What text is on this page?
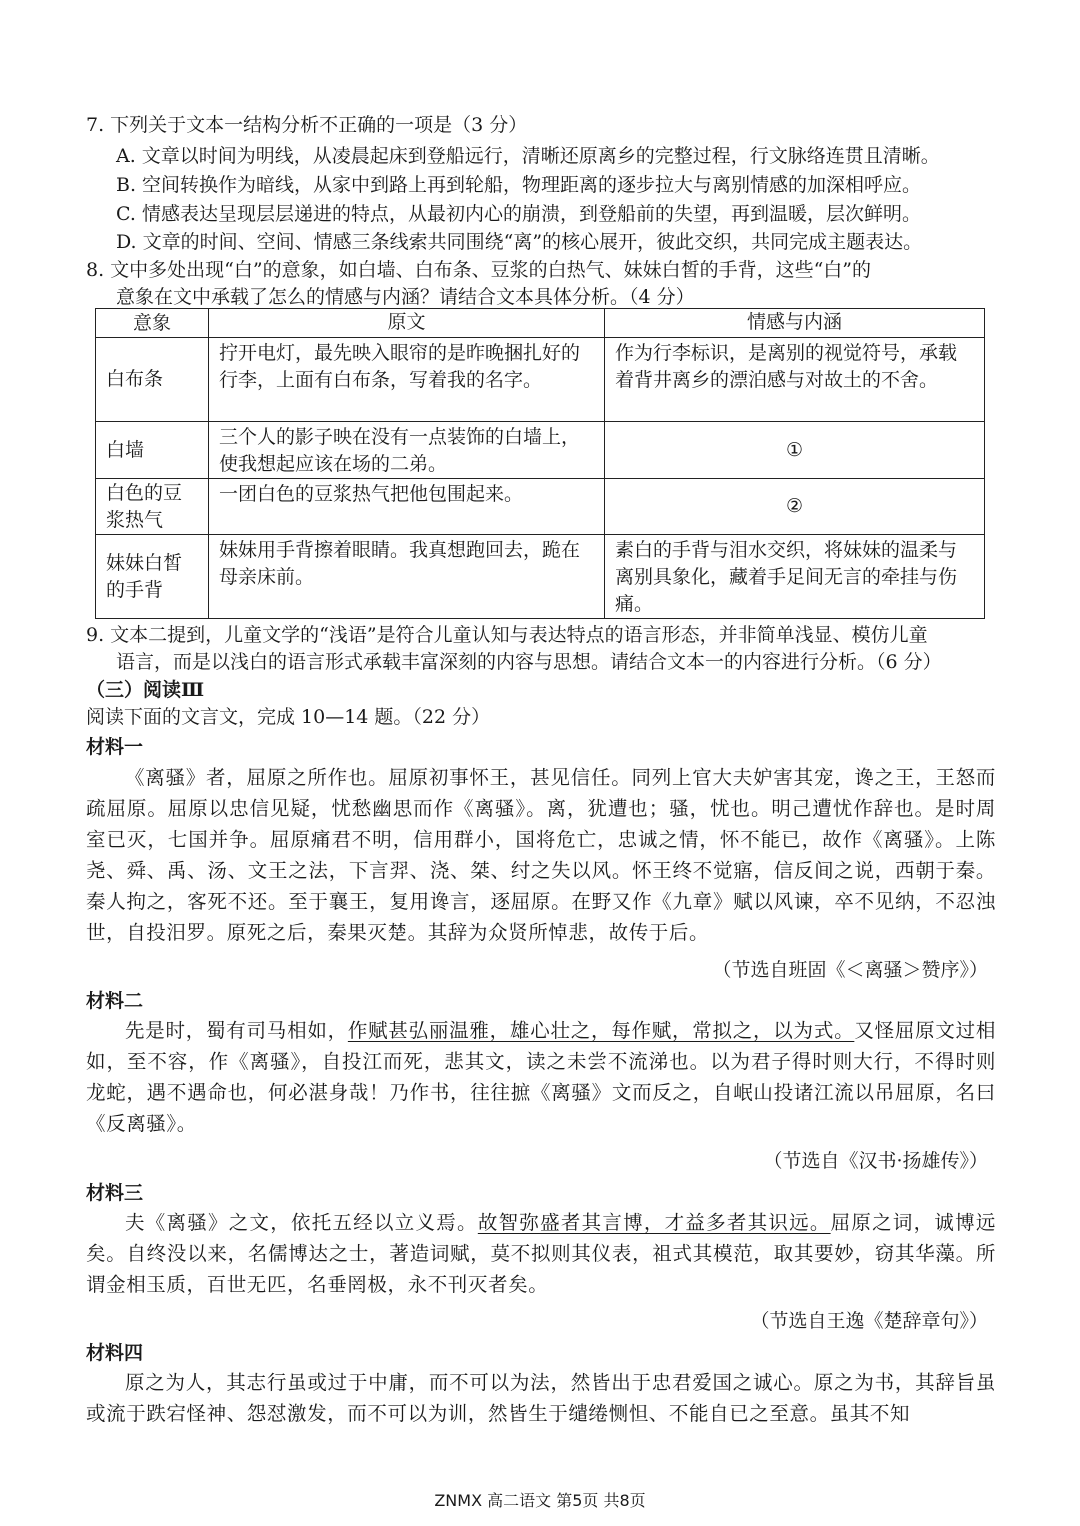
7. 下列关于文本一结构分析不正确的一项是（3 分）
A. 文章以时间为明线，从凌晨起床到登船远行，清晰还原离乡的完整过程，行文脉络连贯且清晰。
B. 空间转换作为暗线，从家中到路上再到轮船，物理距离的逐步拉大与离别情感的加深相呼应。
C. 情感表达呈现层层递进的特点，从最初内心的崩溃，到登船前的失望，再到温暖，层次鲜明。
D. 文章的时间、空间、情感三条线索共同围绕“离”的核心展开，彼此交织，共同完成主题表达。
8. 文中多处出现“白”的意象，如白墙、白布条、豆浆的白热气、妹妹白皙的手背，这些“白”的
意象在文中承载了怎么的情感与内涵？请结合文本具体分析。（4 分）
意象	原文	情感与内涵
白布条	拧开电灯，最先映入眼帘的是昨晚捆扎好的行李，上面有白布条，写着我的名字。	作为行李标识，是离别的视觉符号，承载着背井离乡的漂泊感与对故土的不舍。
白墙	三个人的影子映在没有一点装饰的白墙上，使我想起应该在场的二弟。	①
白色的豆浆热气	一团白色的豆浆热气把他包围起来。	②
妹妹白皙的手背	妹妹用手背擦着眼睛。我真想跑回去，跪在母亲床前。	素白的手背与泪水交织，将妹妹的温柔与离别具象化，藏着手足间无言的牵挂与伤痛。
9. 文本二提到，儿童文学的“浅语”是符合儿童认知与表达特点的语言形态，并非简单浅显、模仿儿童
语言，而是以浅白的语言形式承载丰富深刻的内容与思想。请结合文本一的内容进行分析。（6 分）
（三）阅读Ⅲ
阅读下面的文言文，完成 10—14 题。（22 分）
材料一
《离骚》者，屈原之所作也。屈原初事怀王，甚见信任。同列上官大夫妒害其宠，谗之王，王怒而疏屈原。屈原以忠信见疑，忧愁幽思而作《离骚》。离，犹遭也；骚，忧也。明己遭忧作辞也。是时周室已灭，七国并争。屈原痛君不明，信用群小，国将危亡，忠诚之情，怀不能已，故作《离骚》。上陈尧、舜、禹、汤、文王之法，下言羿、浇、桀、纣之失以风。怀王终不觉寤，信反间之说，西朝于秦。秦人拘之，客死不还。至于襄王，复用谗言，逐屈原。在野又作《九章》赋以风谏，卒不见纳，不忍浊世，自投汨罗。原死之后，秦果灭楚。其辞为众贤所悼悲，故传于后。
（节选自班固《＜离骚＞赞序》）
材料二
先是时，蜀有司马相如，作赋甚弘丽温雅，雄心壮之，每作赋，常拟之，以为式。又怪屈原文过相如，至不容，作《离骚》，自投江而死，悲其文，读之未尝不流涕也。以为君子得时则大行，不得时则龙蛇，遇不遇命也，何必湛身哉！乃作书，往往摭《离骚》文而反之，自岷山投诸江流以吊屈原，名曰《反离骚》。
（节选自《汉书·扬雄传》）
材料三
夫《离骚》之文，依托五经以立义焉。故智弥盛者其言博，才益多者其识远。屈原之词，诚博远矣。自终没以来，名儒博达之士，著造词赋，莫不拟则其仪表，祖式其模范，取其要妙，窃其华藻。所谓金相玉质，百世无匹，名垂罔极，永不刊灭者矣。
（节选自王逸《楚辞章句》）
材料四
原之为人，其志行虽或过于中庸，而不可以为法，然皆出于忠君爱国之诚心。原之为书，其辞旨虽或流于跌宕怪神、怨怼激发，而不可以为训，然皆生于缱绻恻怛、不能自已之至意。虽其不知
ZNMX 高二语文 第5页 共8页
